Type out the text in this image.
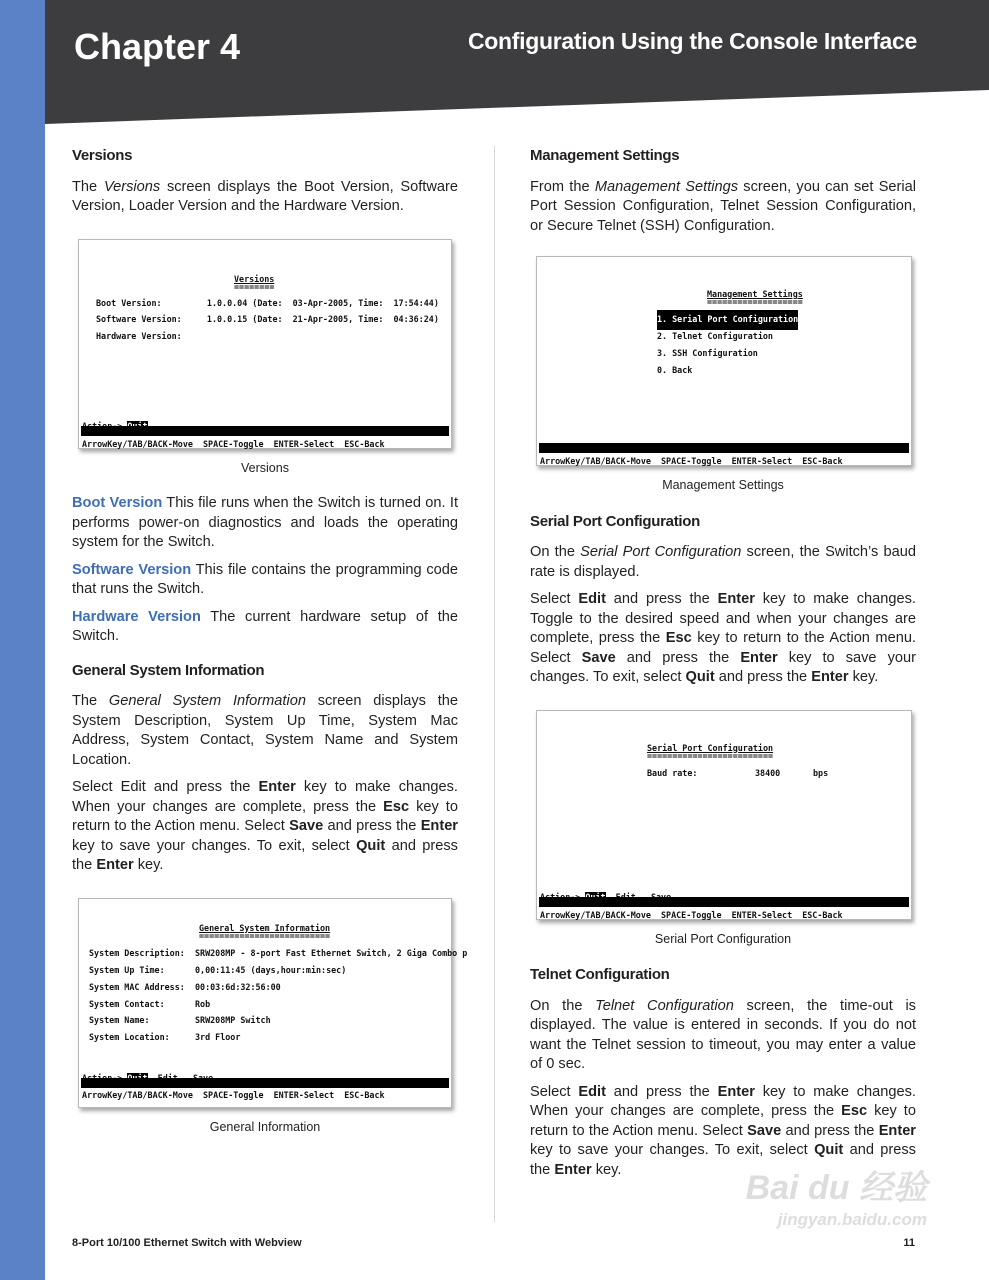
Chapter 4	Configuration Using the Console Interface
Versions

The Versions screen displays the Boot Version, Software Version, Loader Version and the Hardware Version.

Versions
========
Boot Version:         1.0.0.04 (Date:  03-Apr-2005, Time:  17:54:44)
Software Version:     1.0.0.15 (Date:  21-Apr-2005, Time:  04:36:24)
Hardware Version:

ArrowKey/TAB/BACK-Move  SPACE-Toggle  ENTER-Select  ESC-Back
Versions

Boot Version This file runs when the Switch is turned on. It performs power-on diagnostics and loads the operating system for the Switch.

Software Version This file contains the programming code that runs the Switch.

Hardware Version The current hardware setup of the Switch.

General System Information

The General System Information screen displays the System Description, System Up Time, System Mac Address, System Contact, System Name and System Location.

Select Edit and press the Enter key to make changes. When your changes are complete, press the Esc key to return to the Action menu. Select Save and press the Enter key to save your changes. To exit, select Quit and press the Enter key.

General System Information
==========================
System Description: SRW208MP - 8-port Fast Ethernet Switch, 2 Giga Combo p
System Up Time:	0,00:11:45 (days,hour:min:sec)
System MAC Address: 00:03:6d:32:56:00
System Contact:	Rob
System Name:	SRW208MP Switch
System Location:	3rd Floor

ArrowKey/TAB/BACK-Move  SPACE-Toggle  ENTER-Select  ESC-Back
General Information
Management Settings

From the Management Settings screen, you can set Serial Port Session Configuration, Telnet Session Configuration, or Secure Telnet (SSH) Configuration.

Management Settings
===================
1. Serial Port Configuration
2. Telnet Configuration
3. SSH Configuration
0. Back
ArrowKey/TAB/BACK-Move  SPACE-Toggle  ENTER-Select  ESC-Back
Management Settings
Serial Port Configuration

On the Serial Port Configuration screen, the Switch’s baud rate is displayed.

Select Edit and press the Enter key to make changes. Toggle to the desired speed and when your changes are complete, press the Esc key to return to the Action menu. Select Save and press the Enter key to save your changes. To exit, select Quit and press the Enter key.

Serial Port Configuration
=========================
Baud rate:	38400	bps

ArrowKey/TAB/BACK-Move  SPACE-Toggle  ENTER-Select  ESC-Back
Serial Port Configuration
Telnet Configuration

On the Telnet Configuration screen, the time-out is displayed. The value is entered in seconds. If you do not want the Telnet session to timeout, you may enter a value of 0 sec.

Select Edit and press the Enter key to make changes. When your changes are complete, press the Esc key to return to the Action menu. Select Save and press the Enter key to save your changes. To exit, select Quit and press the Enter key.	Bai du 经验
jingyan.baidu.com
8-Port 10/100 Ethernet Switch with Webview	11
